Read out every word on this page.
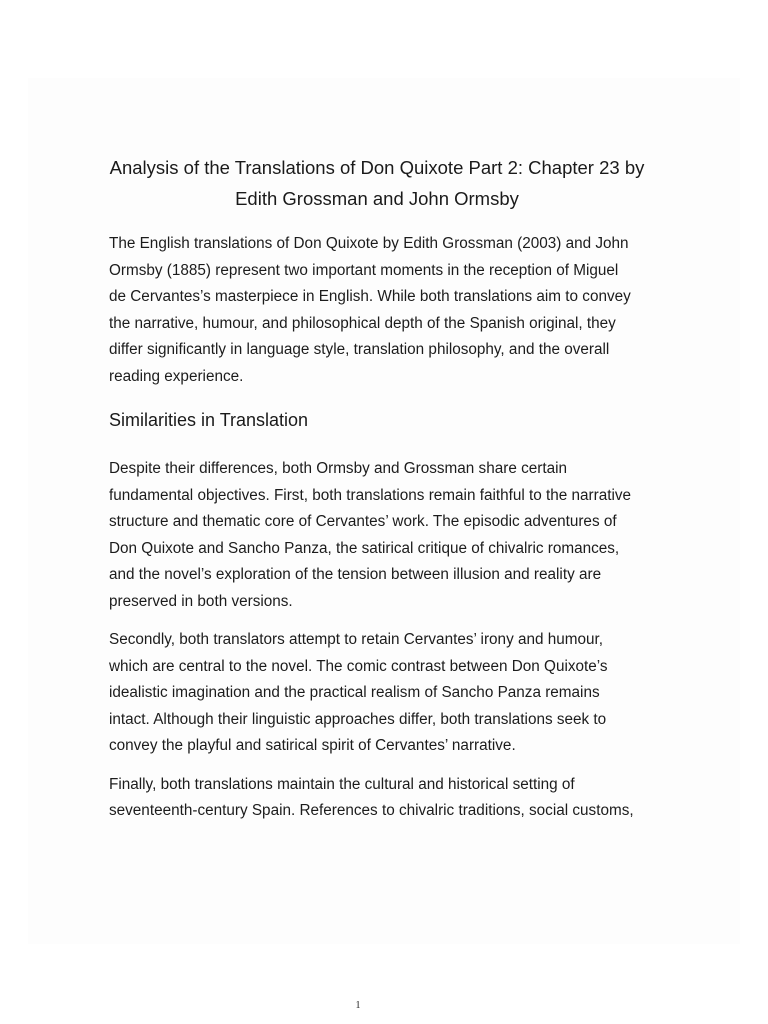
Analysis of the Translations of Don Quixote Part 2: Chapter 23 by
Edith Grossman and John Ormsby

The English translations of Don Quixote by Edith Grossman (2003) and John
Ormsby (1885) represent two important moments in the reception of Miguel
de Cervantes’s masterpiece in English. While both translations aim to convey
the narrative, humour, and philosophical depth of the Spanish original, they
differ significantly in language style, translation philosophy, and the overall
reading experience.

Similarities in Translation

Despite their differences, both Ormsby and Grossman share certain
fundamental objectives. First, both translations remain faithful to the narrative
structure and thematic core of Cervantes’ work. The episodic adventures of
Don Quixote and Sancho Panza, the satirical critique of chivalric romances,
and the novel’s exploration of the tension between illusion and reality are
preserved in both versions.

Secondly, both translators attempt to retain Cervantes’ irony and humour,
which are central to the novel. The comic contrast between Don Quixote’s
idealistic imagination and the practical realism of Sancho Panza remains
intact. Although their linguistic approaches differ, both translations seek to
convey the playful and satirical spirit of Cervantes’ narrative.

Finally, both translations maintain the cultural and historical setting of
seventeenth-century Spain. References to chivalric traditions, social customs,

1
